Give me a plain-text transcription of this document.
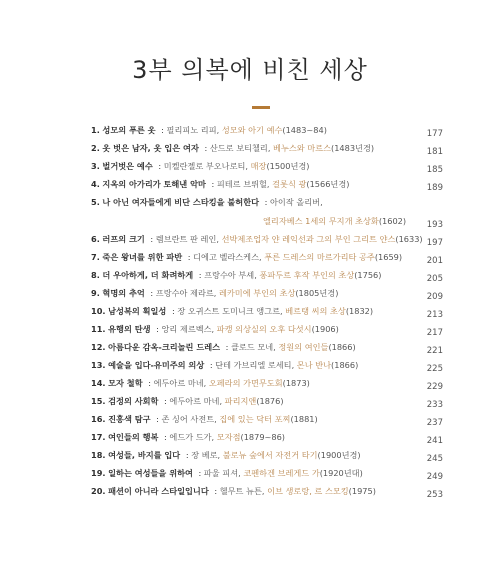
3부 의복에 비친 세상
1. 성모의 푸른 옷 : 필리피노 리피, 성모와 아기 예수(1483~84)	177
2. 옷 벗은 남자, 옷 입은 여자 : 산드로 보티첼리, 베누스와 마르스(1483년경)	181
3. 벌거벗은 예수 : 미켈란젤로 부오나로티, 매장(1500년경)	185
4. 지옥의 아가리가 토해낸 악마 : 피테르 브뤼헐, 걸롯식 광(1566년경)	189
5. 나 아닌 여자들에게 비단 스타킹을 불허한다 : 아이작 올리버,
엘리자베스 1세의 무지개 초상화(1602)	193
6. 러프의 크기 : 렘브란트 판 레인, 선박제조업자 얀 레익선과 그의 부인 그리트 얀스(1633) 197
7. 죽은 왕녀를 위한 파반 : 디에고 벨라스케스, 푸른 드레스의 마르가리타 공주(1659)	201
8. 더 우아하게, 더 화려하게 : 프랑수아 부셰, 퐁파두르 후작 부인의 초상(1756)	205
9. 혁명의 추억 : 프랑수아 제라르, 레카미에 부인의 초상(1805년경)	209
10. 남성복의 획일성 : 장 오귀스트 도미니크 앵그르, 베르탱 씨의 초상(1832)	213
11. 유행의 탄생 : 앙리 제르벡스, 파캥 의상실의 오후 다섯시(1906)	217
12. 아름다운 감옥-크리놀린 드레스 : 클로드 모네, 정원의 여인들(1866)	221
13. 예술을 입다-유미주의 의상 : 단테 가브리엘 로세티, 몬나 반나(1866)	225
14. 모자 철학 : 에두아르 마네, 오페라의 가면무도회(1873)	229
15. 검정의 사회학 : 에두아르 마네, 파리지앤(1876)	233
16. 진홍색 탐구 : 존 싱어 사전트, 집에 있는 닥터 포찌(1881)	237
17. 여인들의 행복 : 에드가 드가, 모자점(1879~86)	241
18. 여성들, 바지를 입다 : 장 베로, 불로뉴 숲에서 자전거 타기(1900년경)	245
19. 일하는 여성들을 위하여 : 파울 피셔, 코펜하겐 브레게드 가(1920년대)	249
20. 패션이 아니라 스타일입니다 : 헬무트 뉴튼, 이브 생로랑, 르 스모킹(1975)	253
